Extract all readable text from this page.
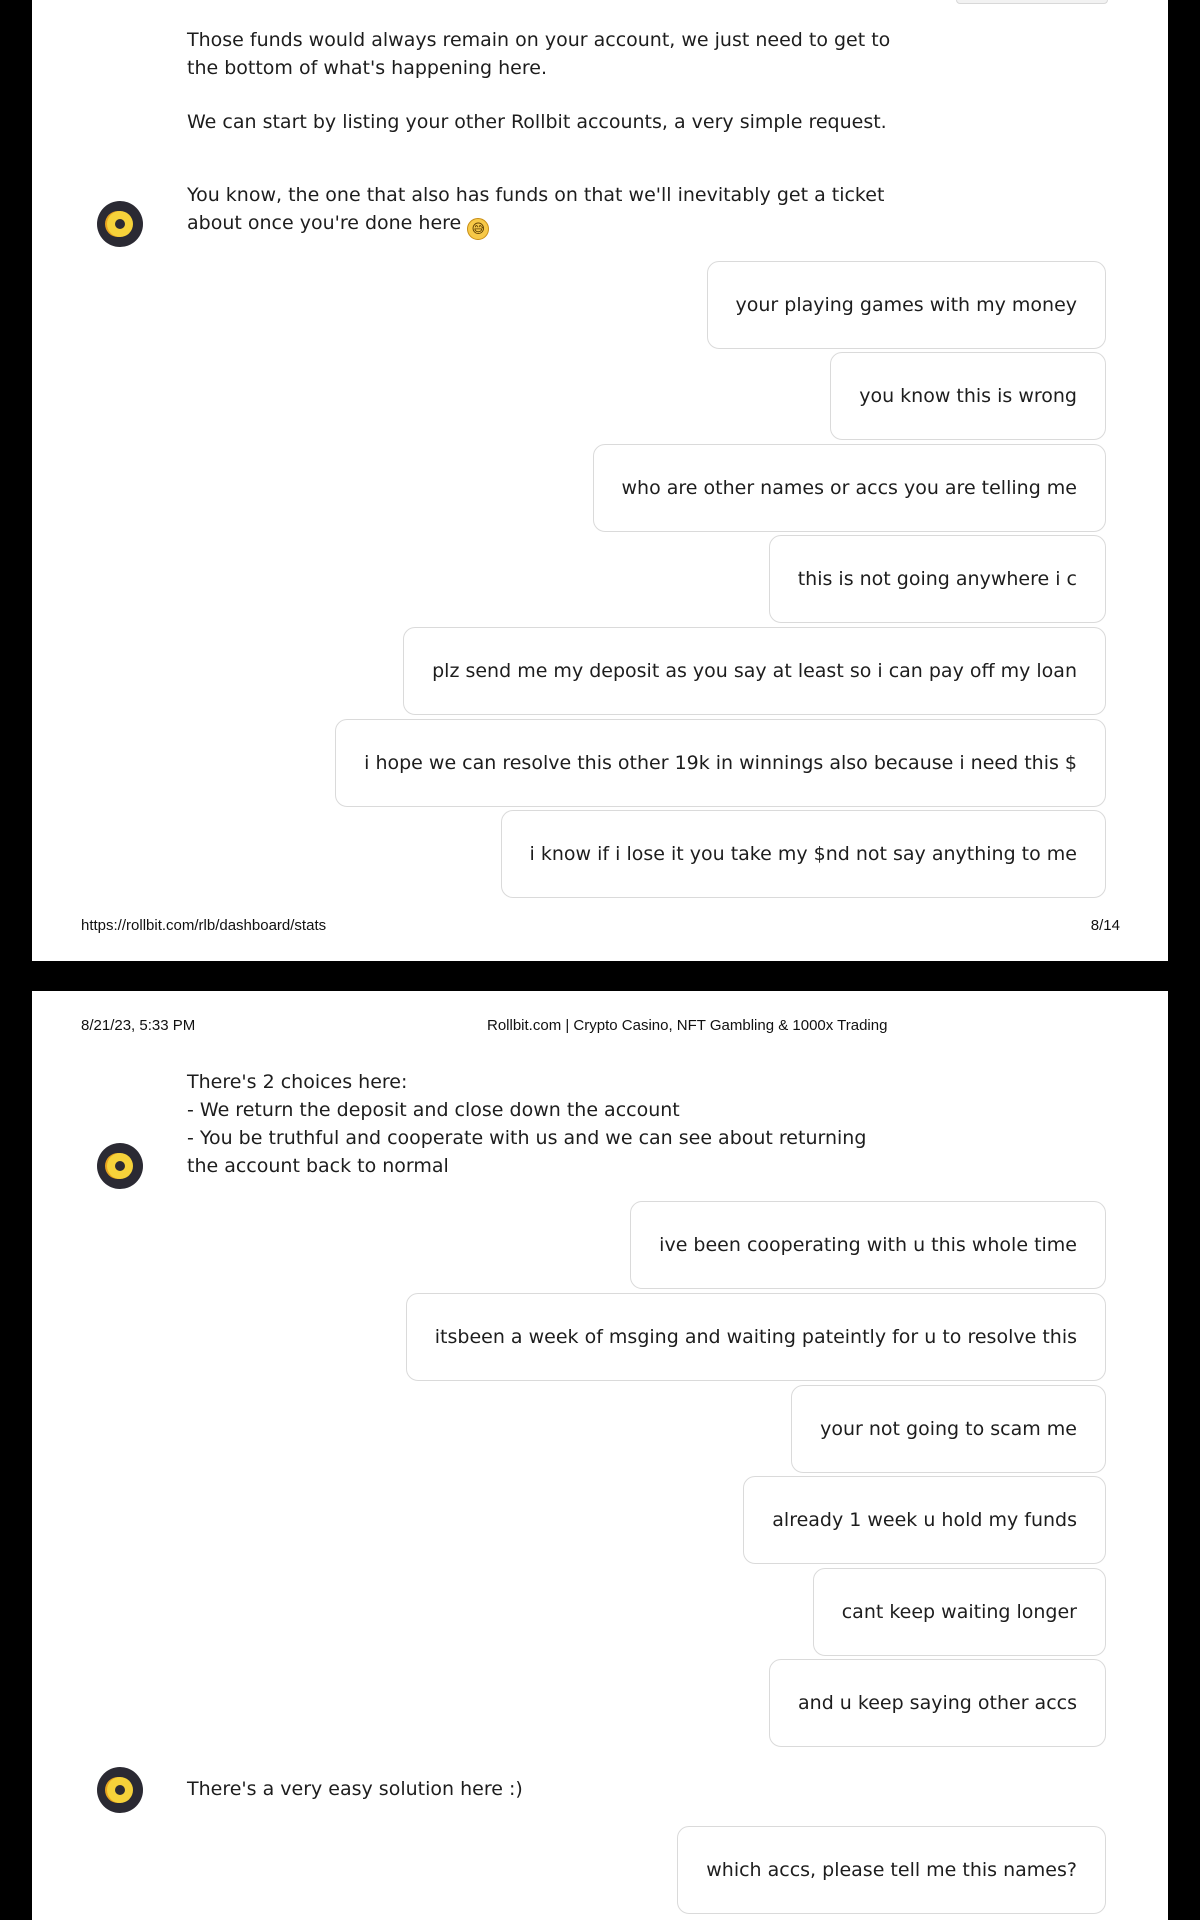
Those funds would always remain on your account, we just need to get to the bottom of what's happening here.
We can start by listing your other Rollbit accounts, a very simple request.
You know, the one that also has funds on that we'll inevitably get a ticket about once you're done here 😅
your playing games with my money
you know this is wrong
who are other names or accs you are telling me
this is not going anywhere i c
plz send me my deposit as you say at least so i can pay off my loan
i hope we can resolve this other 19k in winnings also because i need this $
i know if i lose it you take my $nd not say anything to me
https://rollbit.com/rlb/dashboard/stats	8/14
8/21/23, 5:33 PM	Rollbit.com | Crypto Casino, NFT Gambling & 1000x Trading
There's 2 choices here:
- We return the deposit and close down the account
- You be truthful and cooperate with us and we can see about returning the account back to normal
ive been cooperating with u this whole time
itsbeen a week of msging and waiting pateintly for u to resolve this
your not going to scam me
already 1 week u hold my funds
cant keep waiting longer
and u keep saying other accs
There's a very easy solution here :)
which accs, please tell me this names?
